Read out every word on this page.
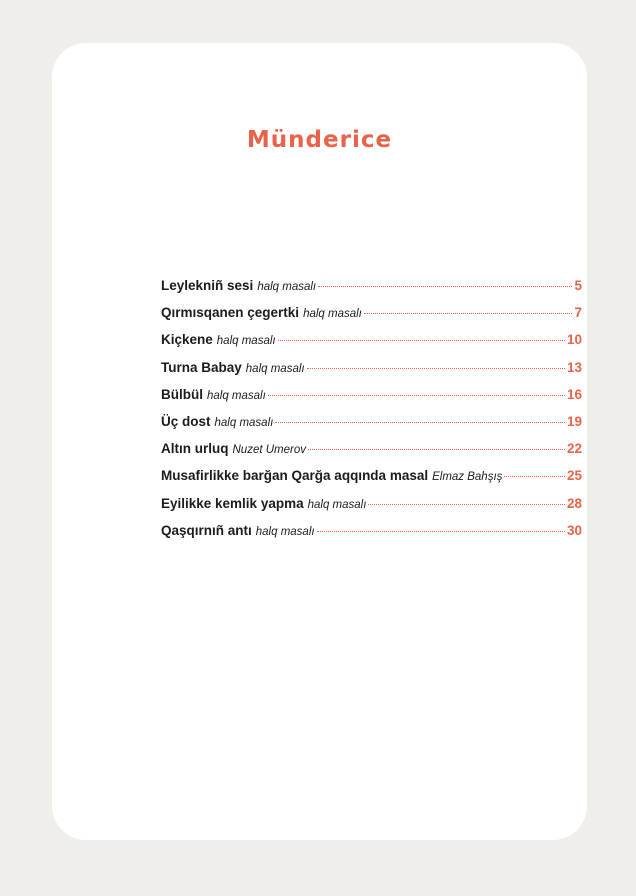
Münderice
Leylekniñ sesi halq masalı	5
Qırmısqanen çegertki halq masalı	7
Kiçkene halq masalı	10
Turna Babay halq masalı	13
Bülbül halq masalı	16
Üç dost halq masalı	19
Altın urluq Nuzet Umerov	22
Musafirlikke barğan Qarğa aqqında masal Elmaz Bahşış	25
Eyilikke kemlik yapma halq masalı	28
Qaşqırnıñ antı halq masalı	30
